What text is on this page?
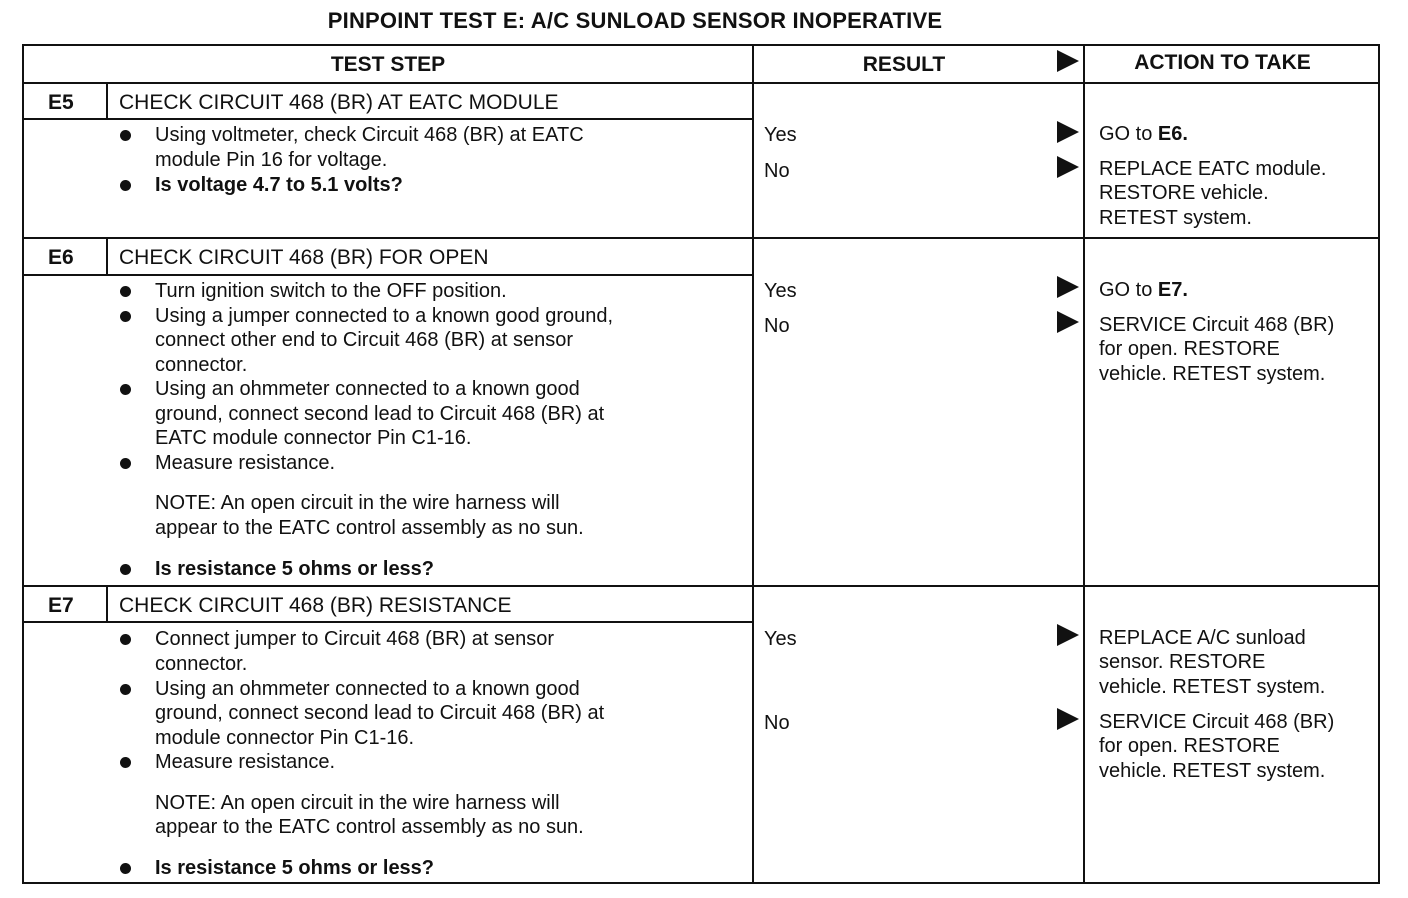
PINPOINT TEST E: A/C SUNLOAD SENSOR INOPERATIVE
TEST STEP	RESULT	ACTION TO TAKE
E5 CHECK CIRCUIT 468 (BR) AT EATC MODULE
Using voltmeter, check Circuit 468 (BR) at EATC
module Pin 16 for voltage.
Is voltage 4.7 to 5.1 volts?
Yes
No
GO to E6.
REPLACE EATC module.
RESTORE vehicle.
RETEST system.
E6 CHECK CIRCUIT 468 (BR) FOR OPEN
Turn ignition switch to the OFF position.
Using a jumper connected to a known good ground,
connect other end to Circuit 468 (BR) at sensor
connector.
Using an ohmmeter connected to a known good
ground, connect second lead to Circuit 468 (BR) at
EATC module connector Pin C1-16.
Measure resistance.
NOTE: An open circuit in the wire harness will
appear to the EATC control assembly as no sun.
Is resistance 5 ohms or less?
Yes
No
GO to E7.
SERVICE Circuit 468 (BR)
for open. RESTORE
vehicle. RETEST system.
E7 CHECK CIRCUIT 468 (BR) RESISTANCE
Connect jumper to Circuit 468 (BR) at sensor
connector.
Using an ohmmeter connected to a known good
ground, connect second lead to Circuit 468 (BR) at
module connector Pin C1-16.
Measure resistance.
NOTE: An open circuit in the wire harness will
appear to the EATC control assembly as no sun.
Is resistance 5 ohms or less?
Yes
No
REPLACE A/C sunload
sensor. RESTORE
vehicle. RETEST system.
SERVICE Circuit 468 (BR)
for open. RESTORE
vehicle. RETEST system.
